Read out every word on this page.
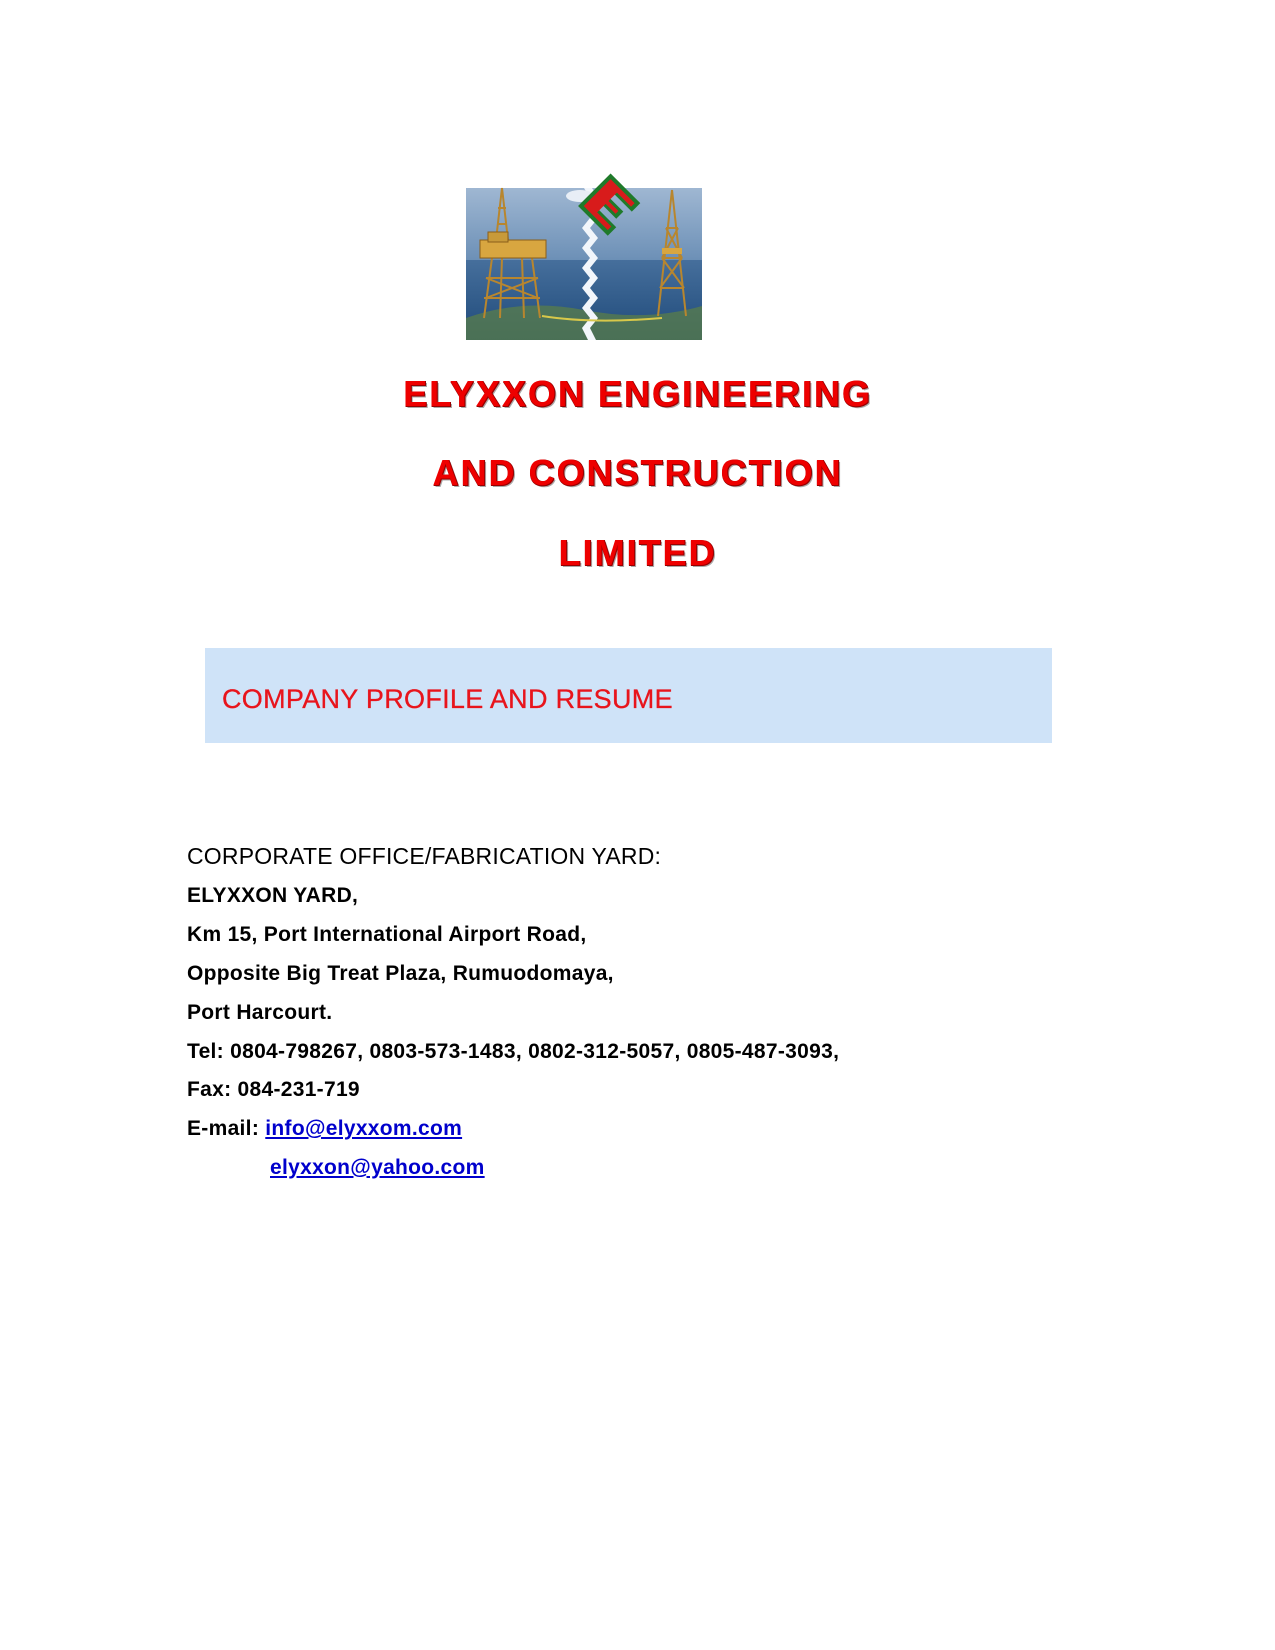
ELYXXON ENGINEERING
AND CONSTRUCTION
LIMITED
COMPANY PROFILE AND RESUME
CORPORATE OFFICE/FABRICATION YARD:
ELYXXON YARD,
Km 15, Port International Airport Road,
Opposite Big Treat Plaza, Rumuodomaya,
Port Harcourt.
Tel: 0804-798267, 0803-573-1483, 0802-312-5057, 0805-487-3093,
Fax: 084-231-719
E-mail: info@elyxxom.com
elyxxon@yahoo.com
